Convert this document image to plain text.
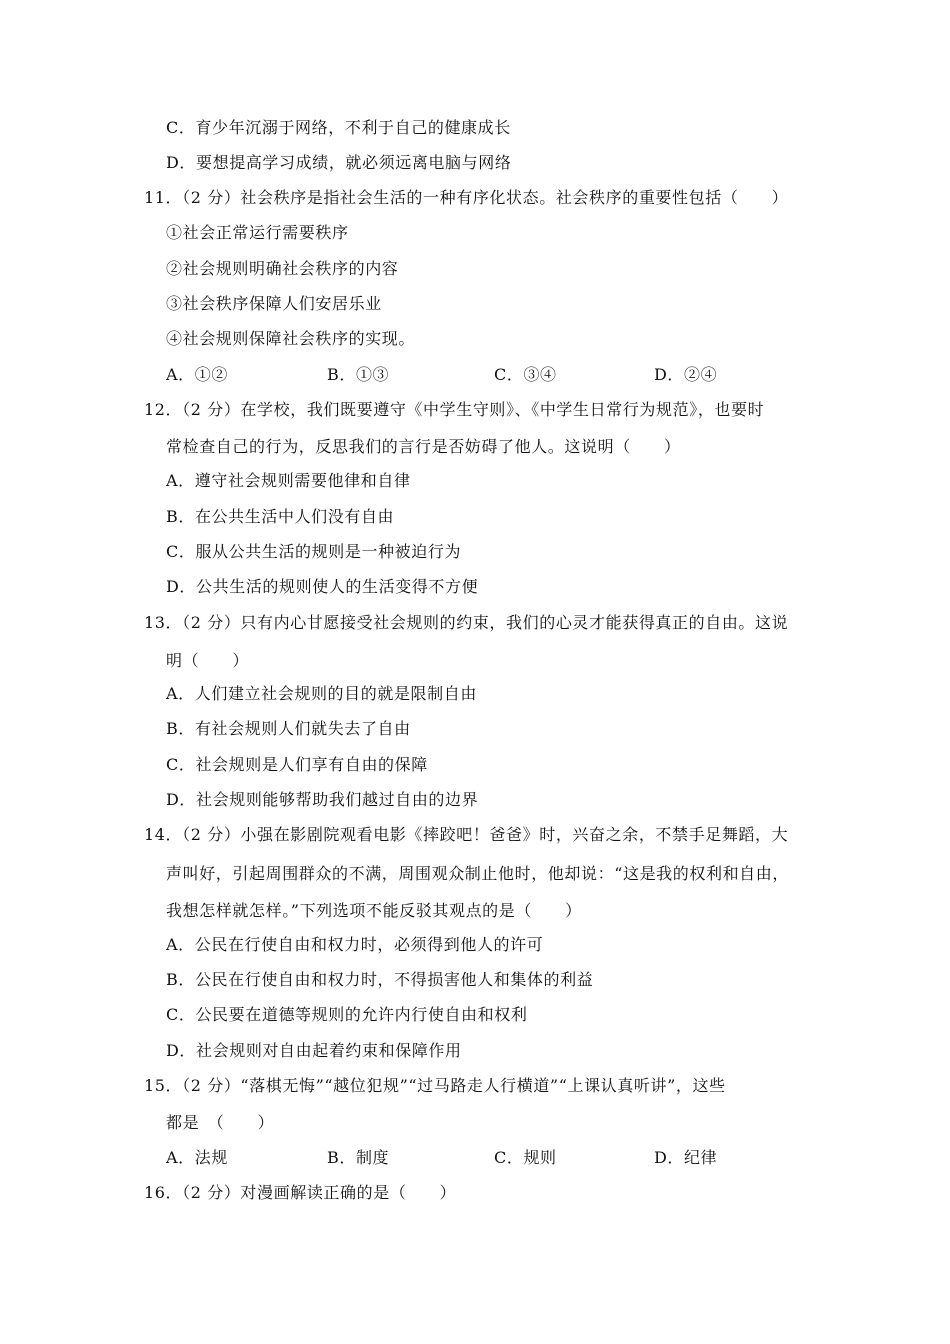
C．育少年沉溺于网络，不利于自己的健康成长
D．要想提高学习成绩，就必须远离电脑与网络
11．（2 分）社会秩序是指社会生活的一种有序化状态。社会秩序的重要性包括（　　）
①社会正常运行需要秩序
②社会规则明确社会秩序的内容
③社会秩序保障人们安居乐业
④社会规则保障社会秩序的实现。
A．①②	B．①③	C．③④	D．②④
12．（2 分）在学校，我们既要遵守《中学生守则》、《中学生日常行为规范》，也要时
常检查自己的行为，反思我们的言行是否妨碍了他人。这说明（　　）
A．遵守社会规则需要他律和自律
B．在公共生活中人们没有自由
C．服从公共生活的规则是一种被迫行为
D．公共生活的规则使人的生活变得不方便
13．（2 分）只有内心甘愿接受社会规则的约束，我们的心灵才能获得真正的自由。这说
明（　　）
A．人们建立社会规则的目的就是限制自由
B．有社会规则人们就失去了自由
C．社会规则是人们享有自由的保障
D．社会规则能够帮助我们越过自由的边界
14．（2 分）小强在影剧院观看电影《摔跤吧！爸爸》时，兴奋之余，不禁手足舞蹈，大
声叫好，引起周围群众的不满，周围观众制止他时，他却说：“这是我的权利和自由，
我想怎样就怎样。”下列选项不能反驳其观点的是（　　）
A．公民在行使自由和权力时，必须得到他人的许可
B．公民在行使自由和权力时，不得损害他人和集体的利益
C．公民要在道德等规则的允许内行使自由和权利
D．社会规则对自由起着约束和保障作用
15．（2 分）“落棋无悔”“越位犯规”“过马路走人行横道”“上课认真听讲”，这些
都是　（　　）
A．法规	B．制度	C．规则	D．纪律
16．（2 分）对漫画解读正确的是（　　）
